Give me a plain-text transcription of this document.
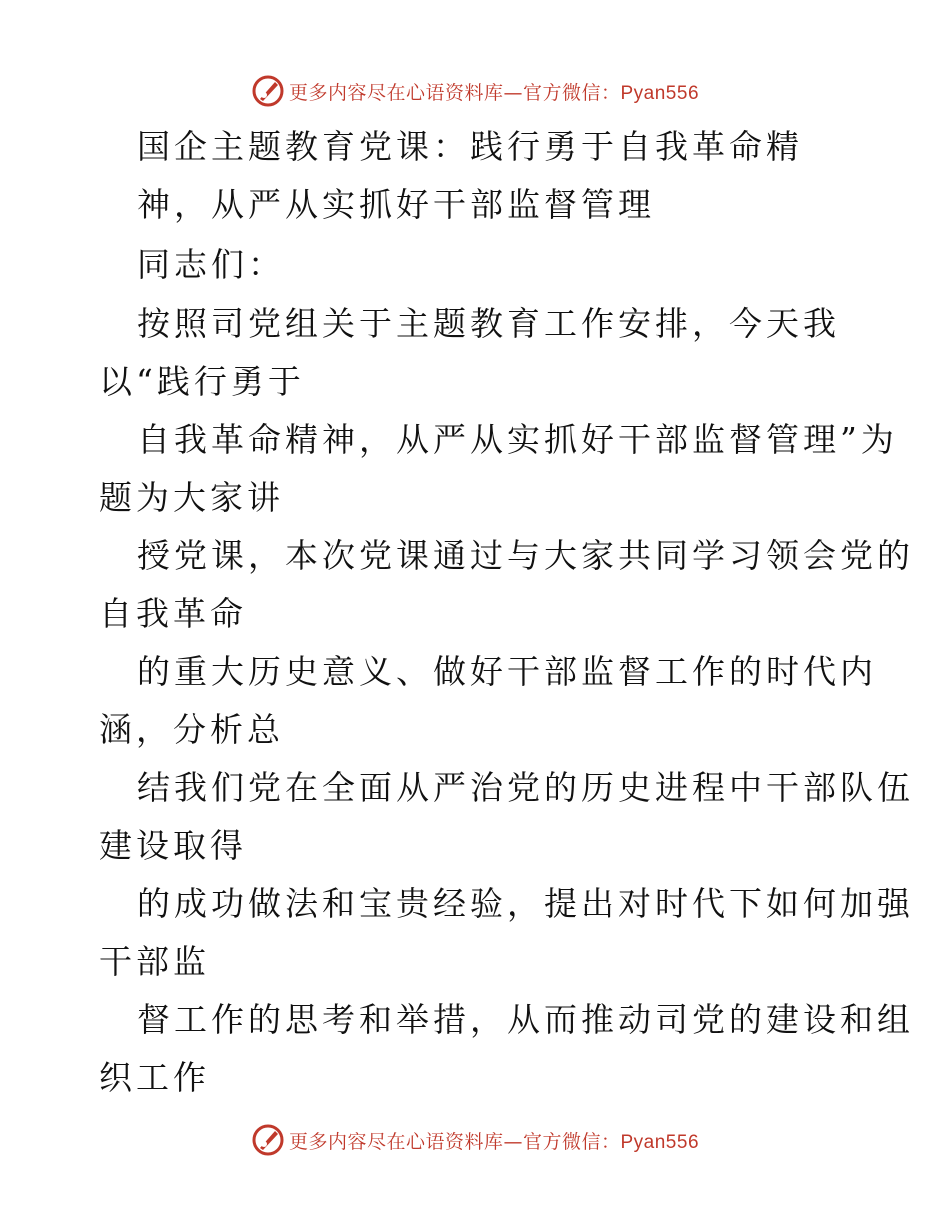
更多内容尽在心语资料库—官方微信：Pyan556
国企主题教育党课：践行勇于自我革命精
神，从严从实抓好干部监督管理
同志们：
按照司党组关于主题教育工作安排，今天我
以“践行勇于
自我革命精神，从严从实抓好干部监督管理”为
题为大家讲
授党课，本次党课通过与大家共同学习领会党的
自我革命
的重大历史意义、做好干部监督工作的时代内
涵，分析总
结我们党在全面从严治党的历史进程中干部队伍
建设取得
的成功做法和宝贵经验，提出对时代下如何加强
干部监
督工作的思考和举措，从而推动司党的建设和组
织工作
更多内容尽在心语资料库—官方微信：Pyan556
